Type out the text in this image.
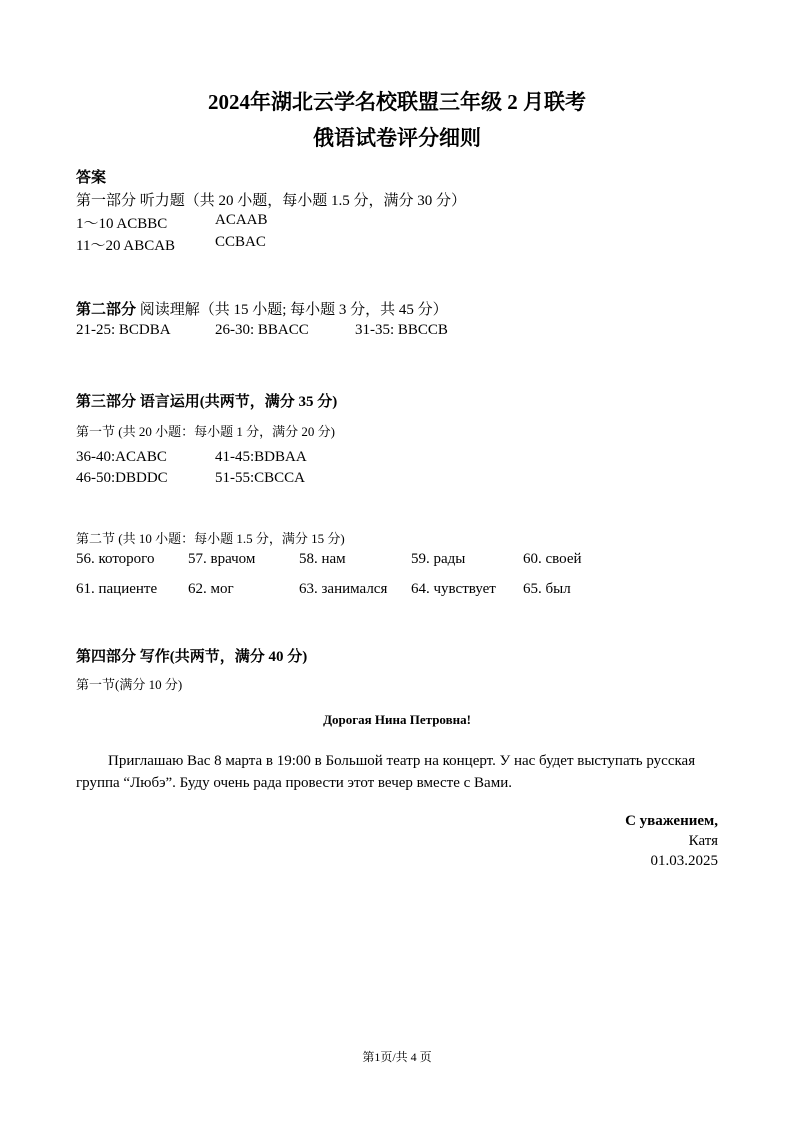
2024年湖北云学名校联盟三年级 2 月联考
俄语试卷评分细则
答案
第一部分 听力题（共 20 小题，每小题 1.5 分，满分 30 分）
1～10 ACBBC	ACAAB
11～20 ABCAB	CCBAC
第二部分 阅读理解（共 15 小题; 每小题 3 分，共 45 分）
21-25: BCDBA	26-30: BBACC	31-35: BBCCB
第三部分 语言运用(共两节，满分 35 分)
第一节 (共 20 小题：每小题 1 分，满分 20 分)
36-40:ACABC	41-45:BDBAA
46-50:DBDDC	51-55:CBCCA
第二节 (共 10 小题：每小题 1.5 分，满分 15 分)
56. которого 57. врачом	58. нам	59. рады	60. своей
61. пациенте 62. мог	63. занимался 64. чувствует 65. был
第四部分 写作(共两节，满分 40 分)
第一节(满分 10 分)
Дорогая Нина Петровна!
Приглашаю Вас 8 марта в 19:00 в Большой театр на концерт. У нас будет выступать русская группа “Любэ”. Буду очень рада провести этот вечер вместе с Вами.
С уважением,
Катя
01.03.2025
第1页/共 4 页
